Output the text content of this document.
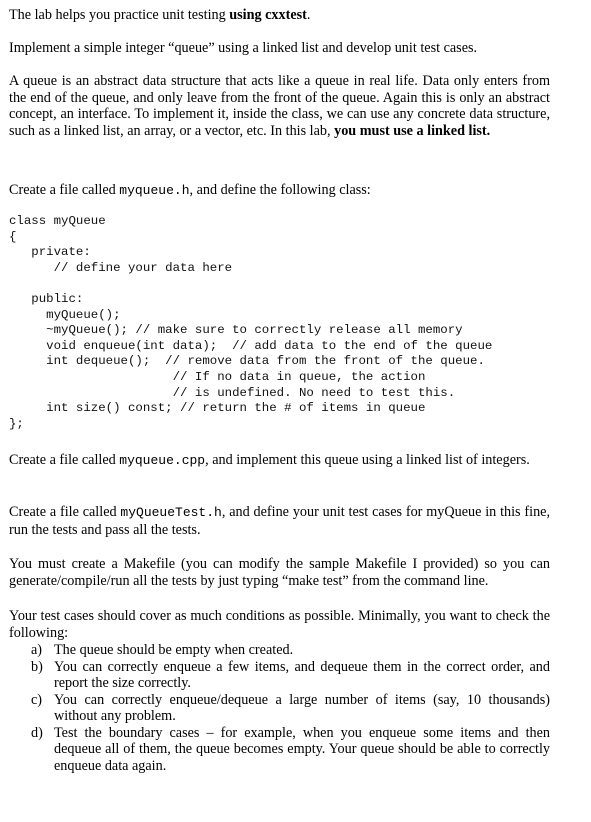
The lab helps you practice unit testing using cxxtest.

Implement a simple integer “queue” using a linked list and develop unit test cases.

A queue is an abstract data structure that acts like a queue in real life. Data only enters from the end of the queue, and only leave from the front of the queue. Again this is only an abstract concept, an interface. To implement it, inside the class, we can use any concrete data structure, such as a linked list, an array, or a vector, etc. In this lab, you must use a linked list.

Create a file called myqueue.h, and define the following class:

class myQueue
{
private:
// define your data here
public:
myQueue();
~myQueue(); // make sure to correctly release all memory
void enqueue(int data);  // add data to the end of the queue
int dequeue();  // remove data from the front of the queue.
// If no data in queue, the action
// is undefined. No need to test this.
int size() const; // return the # of items in queue
};

Create a file called myqueue.cpp, and implement this queue using a linked list of integers.

Create a file called myQueueTest.h, and define your unit test cases for myQueue in this fine, run the tests and pass all the tests.

You must create a Makefile (you can modify the sample Makefile I provided) so you can generate/compile/run all the tests by just typing “make test” from the command line.

Your test cases should cover as much conditions as possible. Minimally, you want to check the following:

a) The queue should be empty when created.
b) You can correctly enqueue a few items, and dequeue them in the correct order, and report the size correctly.
c) You can correctly enqueue/dequeue a large number of items (say, 10 thousands) without any problem.
d) Test the boundary cases – for example, when you enqueue some items and then dequeue all of them, the queue becomes empty. Your queue should be able to correctly enqueue data again.
